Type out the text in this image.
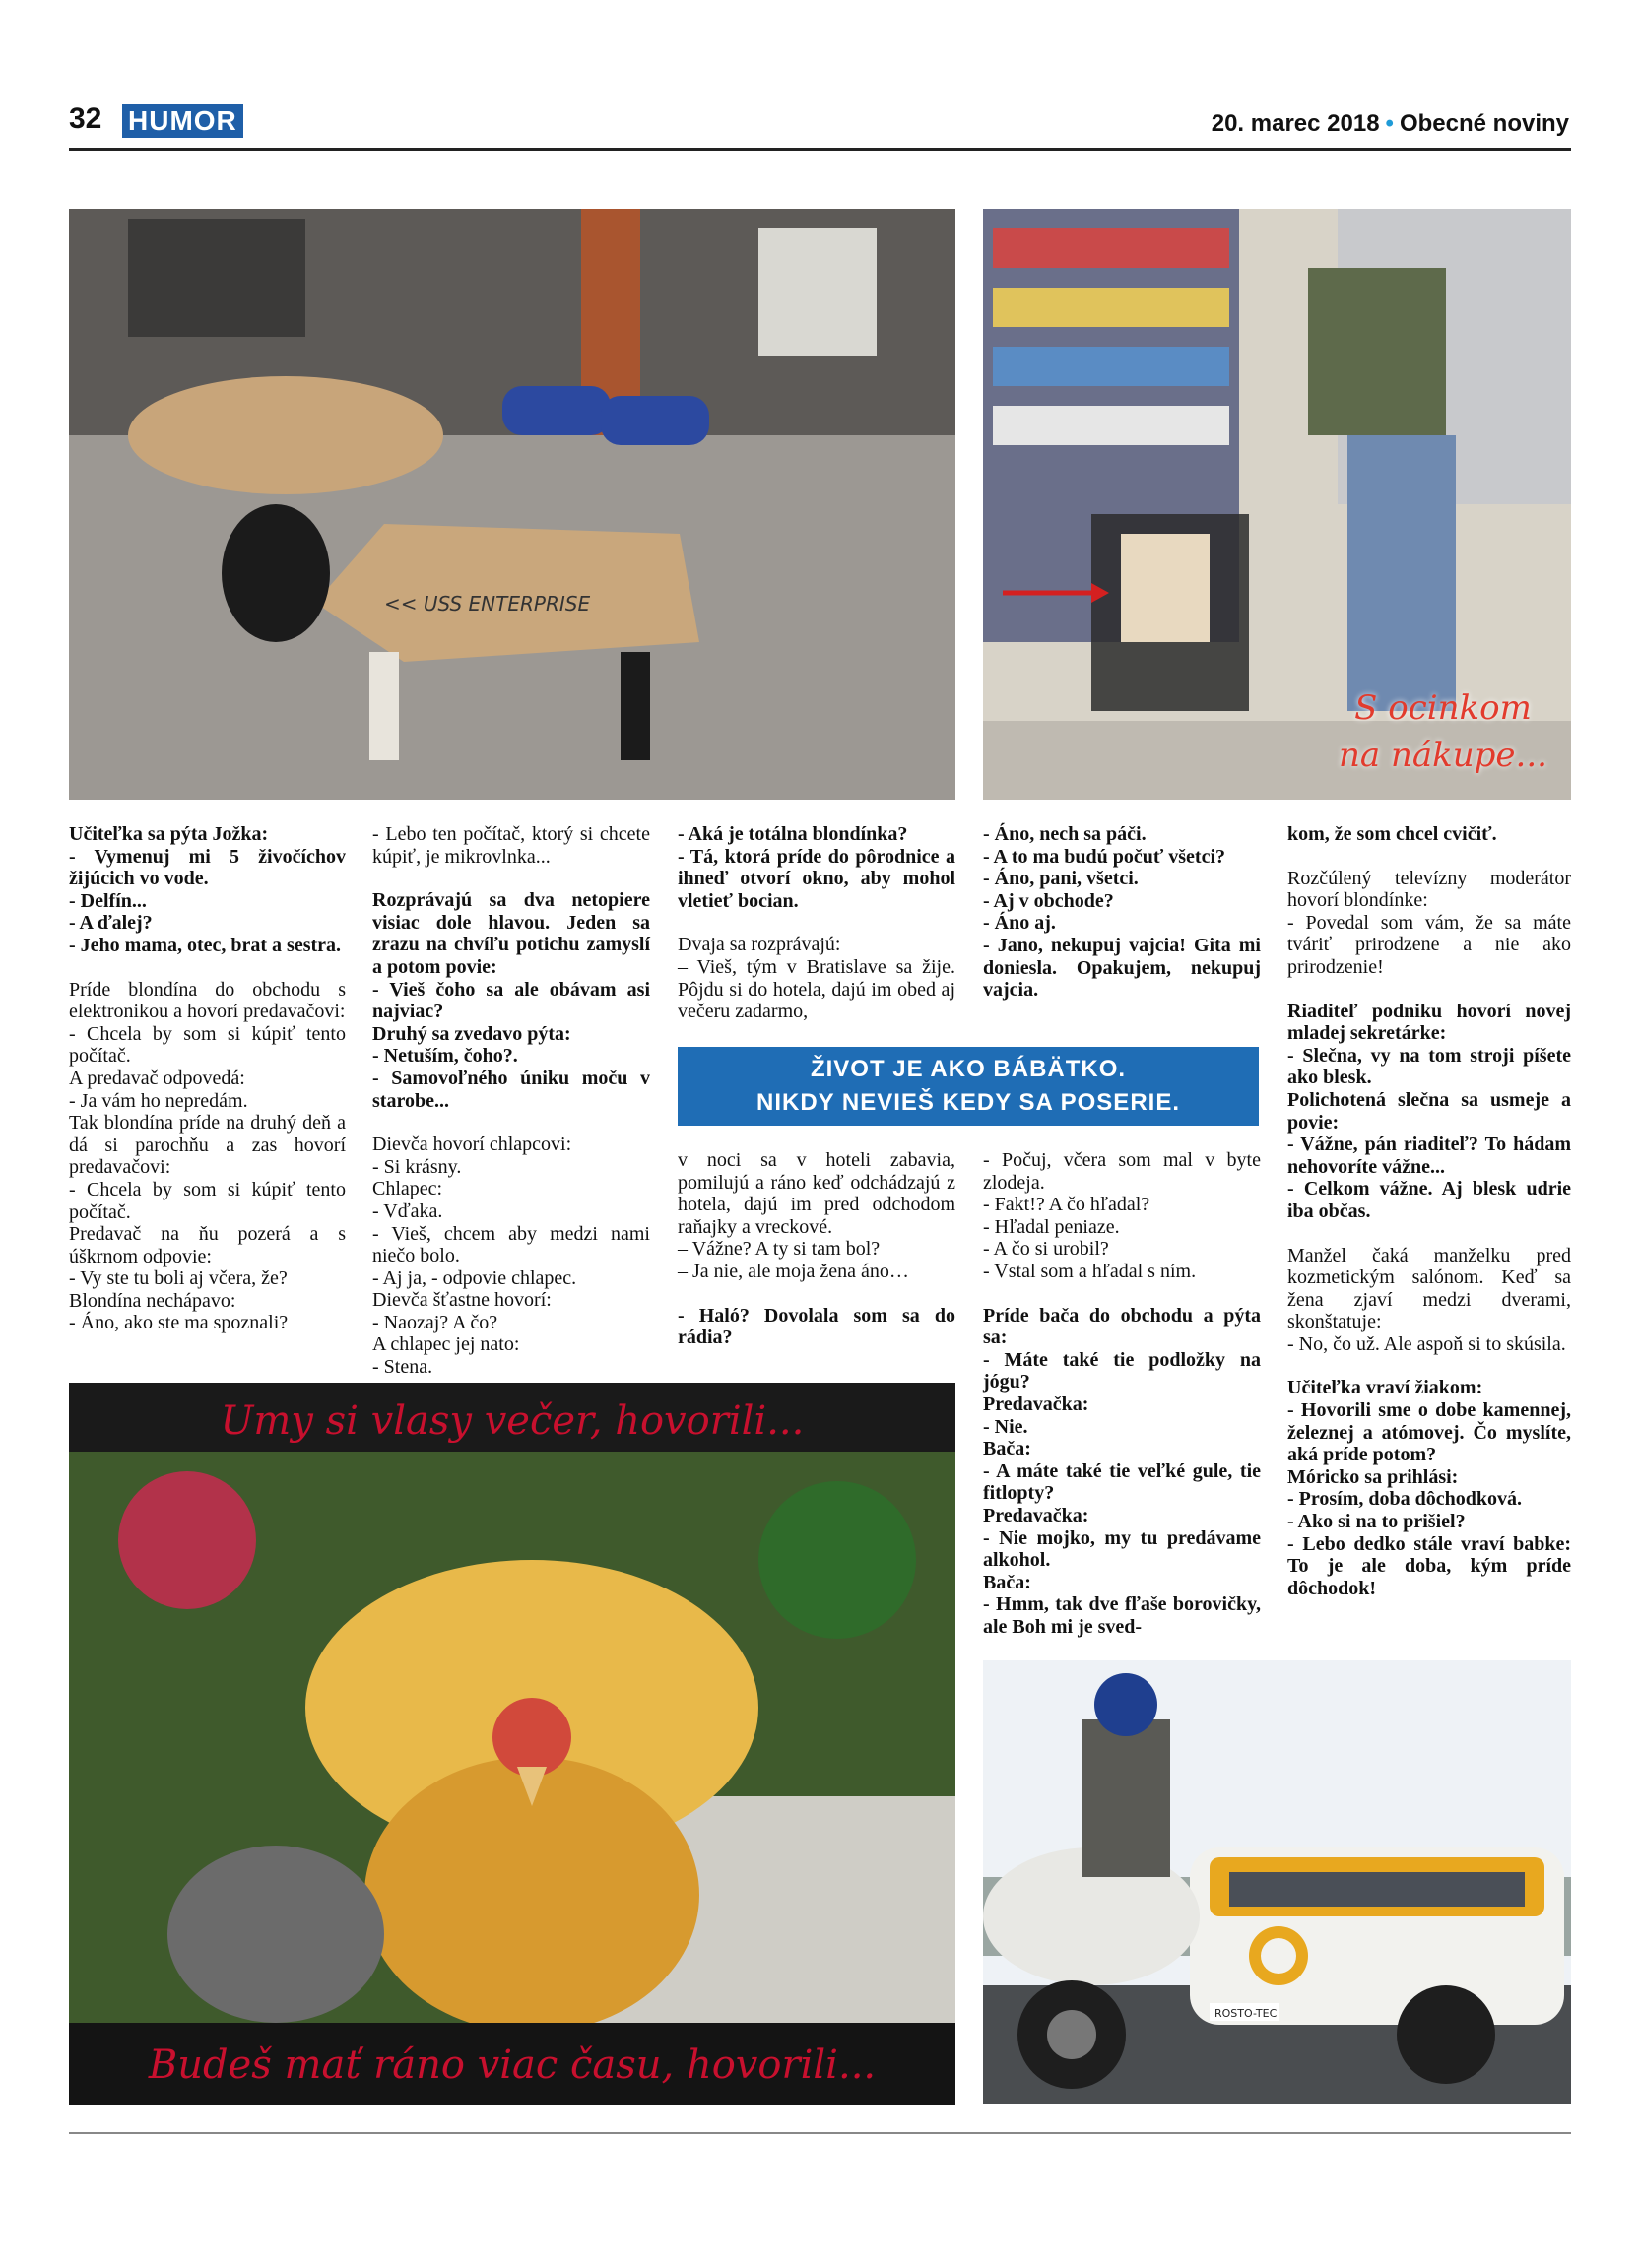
32 HUMOR	20. marec 2018 • Obecné noviny
<< USS ENTERPRISE
S ocinkom
na nákupe...

Učiteľka sa pýta Jožka:

- Vymenuj mi 5 živočíchov žijúcich vo vode.

- Delfín...

- A ďalej?

- Jeho mama, otec, brat a sestra.

Príde blondína do obchodu s elektronikou a hovorí predavačovi:

- Chcela by som si kúpiť tento počítač.

A predavač odpovedá:

- Ja vám ho nepredám.

Tak blondína príde na druhý deň a dá si parochňu a zas hovorí predavačovi:

- Chcela by som si kúpiť tento počítač.

Predavač na ňu pozerá a s úškrnom odpovie:

- Vy ste tu boli aj včera, že?

Blondína nechápavo:

- Áno, ako ste ma spoznali?

- Lebo ten počítač, ktorý si chcete kúpiť, je mikrovlnka...

Rozprávajú sa dva netopiere visiac dole hlavou. Jeden sa zrazu na chvíľu potichu zamyslí a potom povie:

- Vieš čoho sa ale obávam asi najviac?

Druhý sa zvedavo pýta:

- Netuším, čoho?.

- Samovoľného úniku moču v starobe...

Dievča hovorí chlapcovi:

- Si krásny.

Chlapec:

- Vďaka.

- Vieš, chcem aby medzi nami niečo bolo.

- Aj ja, - odpovie chlapec.

Dievča šťastne hovorí:

- Naozaj? A čo?

A chlapec jej nato:

- Stena.

- Aká je totálna blondínka?

- Tá, ktorá príde do pôrodnice a ihneď otvorí okno, aby mohol vletieť bocian.

Dvaja sa rozprávajú:

– Vieš, tým v Bratislave sa žije. Pôjdu si do hotela, dajú im obed aj večeru zadarmo,

- Áno, nech sa páči.

- A to ma budú počuť všetci?

- Áno, pani, všetci.

- Aj v obchode?

- Áno aj.

- Jano, nekupuj vajcia! Gita mi doniesla. Opakujem, nekupuj vajcia.

v noci sa v hoteli zabavia, pomilujú a ráno keď odchádzajú z hotela, dajú im pred odchodom raňajky a vreckové.

– Vážne? A ty si tam bol?

– Ja nie, ale moja žena áno…

- Haló? Dovolala som sa do rádia?

- Počuj, včera som mal v byte zlodeja.

- Fakt!? A čo hľadal?

- Hľadal peniaze.

- A čo si urobil?

- Vstal som a hľadal s ním.

Príde bača do obchodu a pýta sa:

- Máte také tie podložky na jógu?

Predavačka:

- Nie.

Bača:

- A máte také tie veľké gule, tie fitlopty?

Predavačka:

- Nie mojko, my tu predávame alkohol.

Bača:

- Hmm, tak dve fľaše borovičky, ale Boh mi je sved-

kom, že som chcel cvičiť.

Rozčúlený televízny moderátor hovorí blondínke:

- Povedal som vám, že sa máte tváriť prirodzene a nie ako prirodzenie!

Riaditeľ podniku hovorí novej mladej sekretárke:

- Slečna, vy na tom stroji píšete ako blesk.

Polichotená slečna sa usmeje a povie:

- Vážne, pán riaditeľ? To hádam nehovoríte vážne...

- Celkom vážne. Aj blesk udrie iba občas.

Manžel čaká manželku pred kozmetickým salónom. Keď sa žena zjaví medzi dverami, skonštatuje:

- No, čo už. Ale aspoň si to skúsila.

Učiteľka vraví žiakom:

- Hovorili sme o dobe kamennej, železnej a atómovej. Čo myslíte, aká príde potom?

Móricko sa prihlási:

- Prosím, doba dôchodková.

- Ako si na to prišiel?

- Lebo dedko stále vraví babke: To je ale doba, kým príde dôchodok!

ŽIVOT JE AKO BÁBÄTKO.
NIKDY NEVIEŠ KEDY SA POSERIE.
Umy si vlasy večer, hovorili...
Budeš mať ráno viac času, hovorili...
ROSTO-TEC
